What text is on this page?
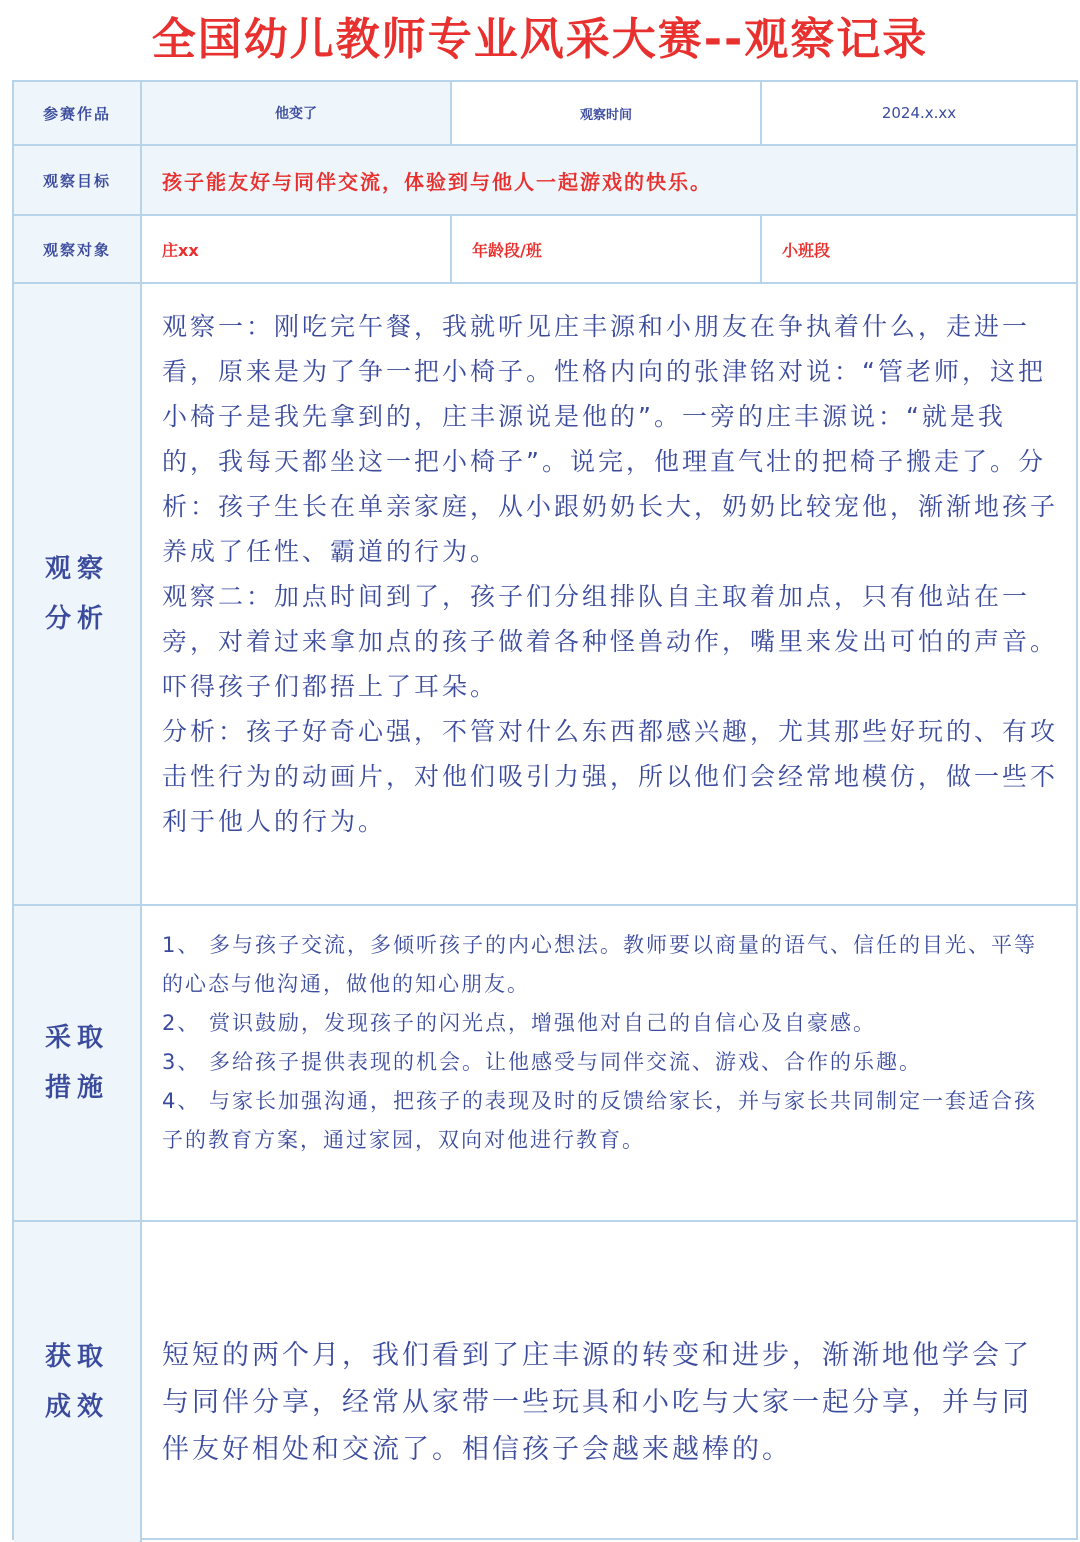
全国幼儿教师专业风采大赛--观察记录
参赛作品	他变了	观察时间	2024.x.xx
观察目标	孩子能友好与同伴交流，体验到与他人一起游戏的快乐。
观察对象	庄xx	年龄段/班	小班段
观察
分析
观察一：刚吃完午餐，我就听见庄丰源和小朋友在争执着什么，走进一看，原来是为了争一把小椅子。性格内向的张津铭对说：“管老师，这把小椅子是我先拿到的，庄丰源说是他的”。一旁的庄丰源说：“就是我的，我每天都坐这一把小椅子”。说完，他理直气壮的把椅子搬走了。分析：孩子生长在单亲家庭，从小跟奶奶长大，奶奶比较宠他，渐渐地孩子养成了任性、霸道的行为。
观察二：加点时间到了，孩子们分组排队自主取着加点，只有他站在一旁，对着过来拿加点的孩子做着各种怪兽动作，嘴里来发出可怕的声音。吓得孩子们都捂上了耳朵。
分析：孩子好奇心强，不管对什么东西都感兴趣，尤其那些好玩的、有攻击性行为的动画片，对他们吸引力强，所以他们会经常地模仿，做一些不利于他人的行为。
采取
措施

1、 多与孩子交流，多倾听孩子的内心想法。教师要以商量的语气、信任的目光、平等的心态与他沟通，做他的知心朋友。

2、 赏识鼓励，发现孩子的闪光点，增强他对自己的自信心及自豪感。

3、 多给孩子提供表现的机会。让他感受与同伴交流、游戏、合作的乐趣。

4、 与家长加强沟通，把孩子的表现及时的反馈给家长，并与家长共同制定一套适合孩子的教育方案，通过家园，双向对他进行教育。

获取
成效
短短的两个月，我们看到了庄丰源的转变和进步，渐渐地他学会了与同伴分享，经常从家带一些玩具和小吃与大家一起分享，并与同伴友好相处和交流了。相信孩子会越来越棒的。
